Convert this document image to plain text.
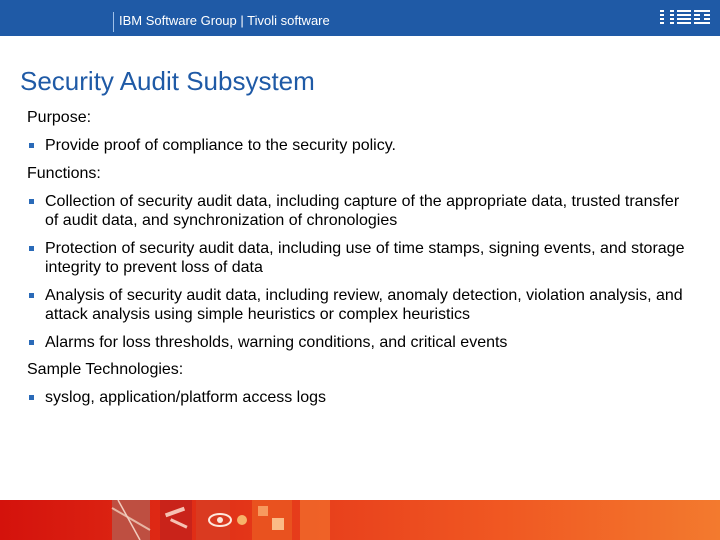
IBM Software Group | Tivoli software
Security Audit Subsystem
Purpose:
Provide proof of compliance to the security policy.
Functions:
Collection of security audit data, including capture of the appropriate data, trusted transfer of audit data, and synchronization of chronologies
Protection of security audit data, including use of time stamps, signing events, and storage integrity to prevent loss of data
Analysis of security audit data, including review, anomaly detection, violation analysis, and attack analysis using simple heuristics or complex heuristics
Alarms for loss thresholds, warning conditions, and critical events
Sample Technologies:
syslog, application/platform access logs
